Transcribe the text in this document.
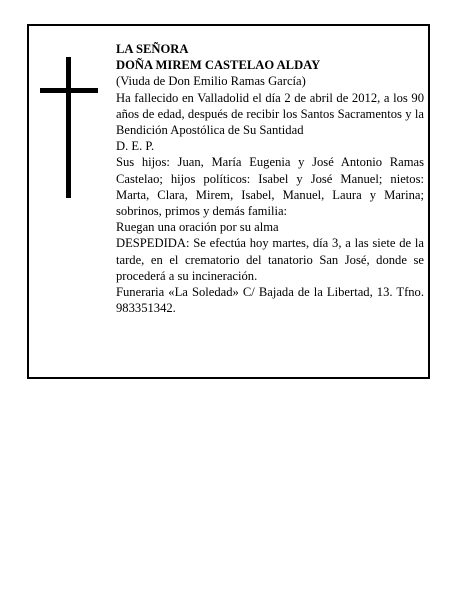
LA SEÑORA

DOÑA MIREM CASTELAO ALDAY

(Viuda de Don Emilio Ramas García)

Ha fallecido en Valladolid el día 2 de abril de 2012, a los 90 años de edad, después de recibir los Santos Sacramentos y la Bendición Apostólica de Su Santidad

D. E. P.

Sus hijos: Juan, María Eugenia y José Antonio Ramas Castelao; hijos políticos: Isabel y José Manuel; nietos: Marta, Clara, Mirem, Isabel, Manuel, Laura y Marina; sobrinos, primos y demás familia:

Ruegan una oración por su alma

DESPEDIDA: Se efectúa hoy martes, día 3, a las siete de la tarde, en el crematorio del tanatorio San José, donde se procederá a su incineración.

Funeraria «La Soledad» C/ Bajada de la Libertad, 13. Tfno. 983351342.
